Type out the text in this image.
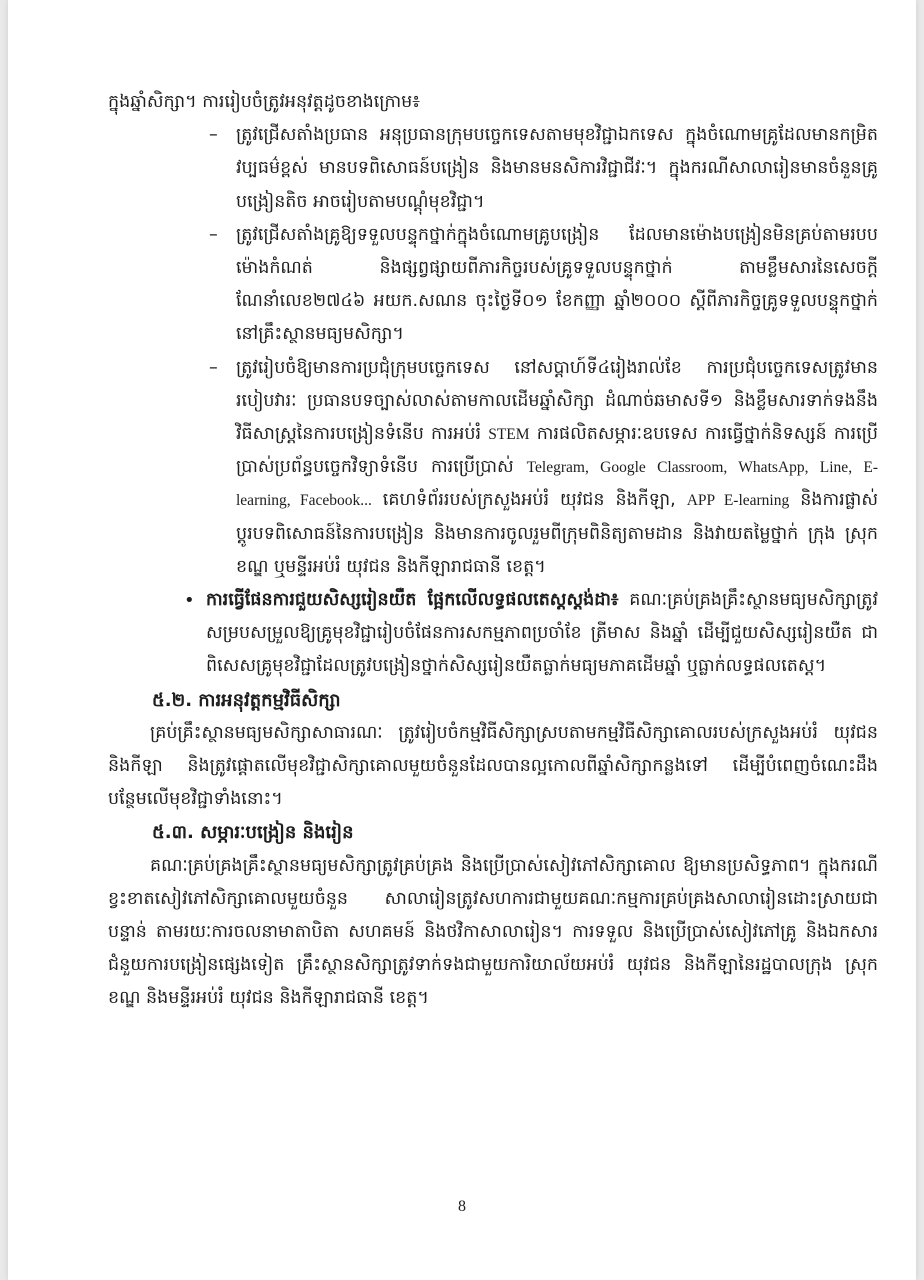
ក្នុងឆ្នាំសិក្សា។ ការរៀបចំត្រូវអនុវត្តដូចខាងក្រោម៖

– ត្រូវជ្រើសតាំងប្រធាន អនុប្រធានក្រុមបច្ចេកទេសតាមមុខវិជ្ជាឯកទេស ក្នុងចំណោមគ្រូដែលមានកម្រិតវប្បធម៌ខ្ពស់ មានបទពិសោធន៍បង្រៀន និងមានមនសិការវិជ្ជាជីវៈ។ ក្នុងករណីសាលារៀនមានចំនួនគ្រូបង្រៀនតិច អាចរៀបតាមបណ្តុំមុខវិជ្ជា។
– ត្រូវជ្រើសតាំងគ្រូឱ្យទទួលបន្ទុកថ្នាក់ក្នុងចំណោមគ្រូបង្រៀន ដែលមានម៉ោងបង្រៀនមិនគ្រប់តាមរបបម៉ោងកំណត់ និងផ្សព្វផ្សាយពីភារកិច្ចរបស់គ្រូទទួលបន្ទុកថ្នាក់ តាមខ្លឹមសារនៃសេចក្តីណែនាំលេខ២៧៤៦ អយក.សណន ចុះថ្ងៃទី០១ ខែកញ្ញា ឆ្នាំ២០០០ ស្តីពីភារកិច្ចគ្រូទទួលបន្ទុកថ្នាក់នៅគ្រឹះស្ថានមធ្យមសិក្សា។
– ត្រូវរៀបចំឱ្យមានការប្រជុំក្រុមបច្ចេកទេស នៅសប្តាហ៍ទី៤រៀងរាល់ខែ ការប្រជុំបច្ចេកទេសត្រូវមានរបៀបវារៈ ប្រធានបទច្បាស់លាស់តាមកាលដើមឆ្នាំសិក្សា ដំណាច់ឆមាសទី១ និងខ្លឹមសារទាក់ទងនឹងវិធីសាស្ត្រនៃការបង្រៀនទំនើប ការអប់រំ STEM ការផលិតសម្ភារៈឧបទេស ការធ្វើថ្នាក់និទស្សន៍ ការប្រើប្រាស់ប្រព័ន្ធបច្ចេកវិទ្យាទំនើប ការប្រើប្រាស់ Telegram, Google Classroom, WhatsApp, Line, E-learning, Facebook... គេហទំព័ររបស់ក្រសួងអប់រំ យុវជន និងកីឡា, APP E-learning និងការផ្លាស់ប្តូរបទពិសោធន៍នៃការបង្រៀន និងមានការចូលរួមពីក្រុមពិនិត្យតាមដាន និងវាយតម្លៃថ្នាក់ ក្រុង ស្រុក ខណ្ឌ ឬមន្ទីរអប់រំ យុវជន និងកីឡារាជធានី ខេត្ត។
• ការធ្វើផែនការជួយសិស្សរៀនយឺត ផ្អែកលើលទ្ធផលតេស្តស្តង់ដា៖ គណៈគ្រប់គ្រងគ្រឹះស្ថានមធ្យមសិក្សាត្រូវសម្របសម្រួលឱ្យគ្រូមុខវិជ្ជារៀបចំផែនការសកម្មភាពប្រចាំខែ ត្រីមាស និងឆ្នាំ ដើម្បីជួយសិស្សរៀនយឺត ជាពិសេសគ្រូមុខវិជ្ជាដែលត្រូវបង្រៀនថ្នាក់សិស្សរៀនយឺតធ្លាក់មធ្យមភាគដើមឆ្នាំ ឬធ្លាក់លទ្ធផលតេស្ត។

៥.២. ការអនុវត្តកម្មវិធីសិក្សា

គ្រប់គ្រឹះស្ថានមធ្យមសិក្សាសាធារណៈ ត្រូវរៀបចំកម្មវិធីសិក្សាស្របតាមកម្មវិធីសិក្សាគោលរបស់ក្រសួងអប់រំ យុវជន និងកីឡា និងត្រូវផ្តោតលើមុខវិជ្ជាសិក្សាគោលមួយចំនួនដែលបានល្អកោលពីឆ្នាំសិក្សាកន្លងទៅ ដើម្បីបំពេញចំណេះដឹងបន្ថែមលើមុខវិជ្ជាទាំងនោះ។

៥.៣. សម្ភារៈបង្រៀន និងរៀន

គណៈគ្រប់គ្រងគ្រឹះស្ថានមធ្យមសិក្សាត្រូវគ្រប់គ្រង និងប្រើប្រាស់សៀវភៅសិក្សាគោល ឱ្យមានប្រសិទ្ធភាព។ ក្នុងករណីខ្វះខាតសៀវភៅសិក្សាគោលមួយចំនួន សាលារៀនត្រូវសហការជាមួយគណៈកម្មការគ្រប់គ្រងសាលារៀនដោះស្រាយជាបន្ទាន់ តាមរយៈការចលនាមាតាបិតា សហគមន៍ និងថវិកាសាលារៀន។ ការទទួល និងប្រើប្រាស់សៀវភៅគ្រូ និងឯកសារជំនួយការបង្រៀនផ្សេងទៀត គ្រឹះស្ថានសិក្សាត្រូវទាក់ទងជាមួយការិយាល័យអប់រំ យុវជន និងកីឡានៃរដ្ឋបាលក្រុង ស្រុក ខណ្ឌ និងមន្ទីរអប់រំ យុវជន និងកីឡារាជធានី ខេត្ត។

8
